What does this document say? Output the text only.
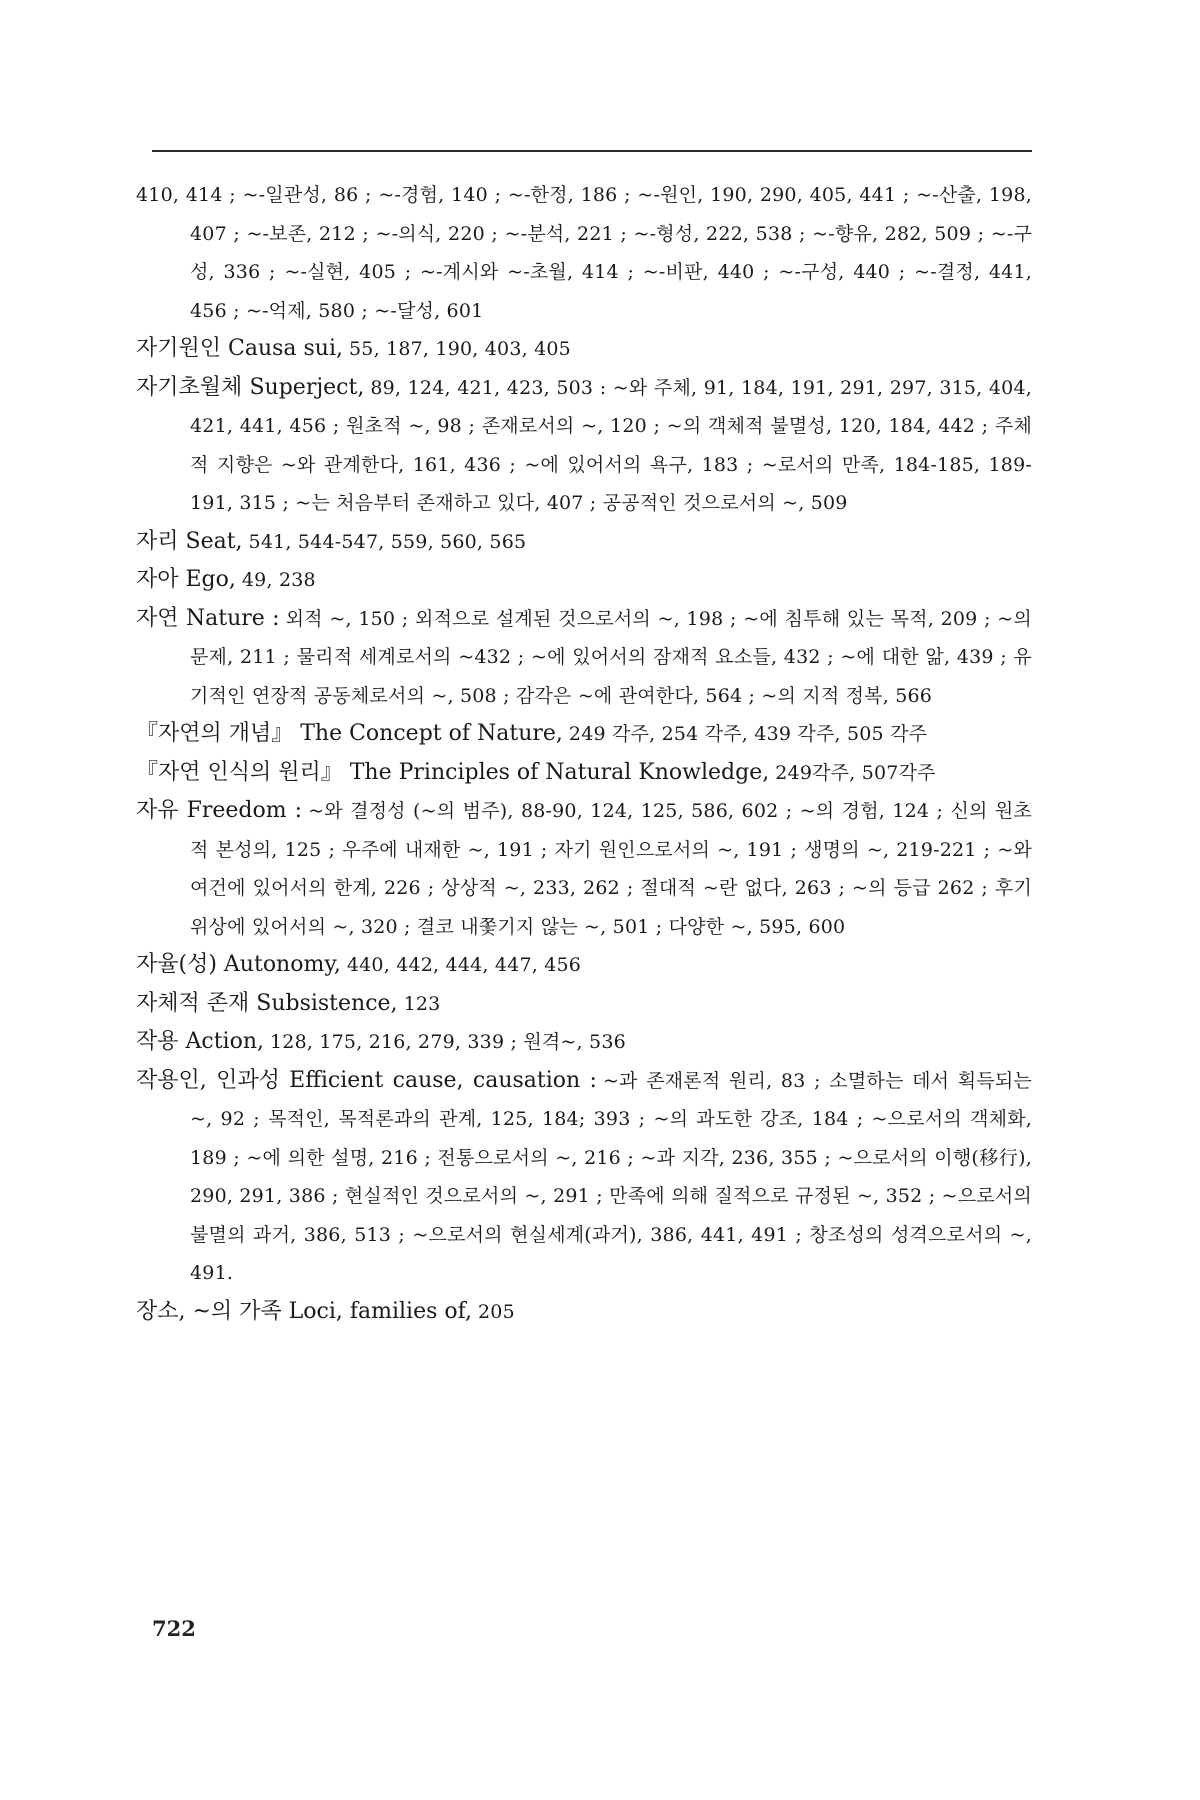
410, 414 ; ~-일관성, 86 ; ~-경험, 140 ; ~-한정, 186 ; ~-원인, 190, 290, 405, 441 ; ~-산출, 198, 407 ; ~-보존, 212 ; ~-의식, 220 ; ~-분석, 221 ; ~-형성, 222, 538 ; ~-향유, 282, 509 ; ~-구성, 336 ; ~-실현, 405 ; ~-계시와 ~-초월, 414 ; ~-비판, 440 ; ~-구성, 440 ; ~-결정, 441, 456 ; ~-억제, 580 ; ~-달성, 601

자기원인 Causa sui, 55, 187, 190, 403, 405

자기초월체 Superject, 89, 124, 421, 423, 503 : ~와 주체, 91, 184, 191, 291, 297, 315, 404, 421, 441, 456 ; 원초적 ~, 98 ; 존재로서의 ~, 120 ; ~의 객체적 불멸성, 120, 184, 442 ; 주체적 지향은 ~와 관계한다, 161, 436 ; ~에 있어서의 욕구, 183 ; ~로서의 만족, 184-185, 189-191, 315 ; ~는 처음부터 존재하고 있다, 407 ; 공공적인 것으로서의 ~, 509

자리 Seat, 541, 544-547, 559, 560, 565

자아 Ego, 49, 238

자연 Nature : 외적 ~, 150 ; 외적으로 설계된 것으로서의 ~, 198 ; ~에 침투해 있는 목적, 209 ; ~의 문제, 211 ; 물리적 세계로서의 ~432 ; ~에 있어서의 잠재적 요소들, 432 ; ~에 대한 앎, 439 ; 유기적인 연장적 공동체로서의 ~, 508 ; 감각은 ~에 관여한다, 564 ; ~의 지적 정복, 566

『자연의 개념』 The Concept of Nature, 249 각주, 254 각주, 439 각주, 505 각주

『자연 인식의 원리』 The Principles of Natural Knowledge, 249각주, 507각주

자유 Freedom : ~와 결정성 (~의 범주), 88-90, 124, 125, 586, 602 ; ~의 경험, 124 ; 신의 원초적 본성의, 125 ; 우주에 내재한 ~, 191 ; 자기 원인으로서의 ~, 191 ; 생명의 ~, 219-221 ; ~와 여건에 있어서의 한계, 226 ; 상상적 ~, 233, 262 ; 절대적 ~란 없다, 263 ; ~의 등급 262 ; 후기 위상에 있어서의 ~, 320 ; 결코 내쫓기지 않는 ~, 501 ; 다양한 ~, 595, 600

자율(성) Autonomy, 440, 442, 444, 447, 456

자체적 존재 Subsistence, 123

작용 Action, 128, 175, 216, 279, 339 ; 원격~, 536

작용인, 인과성 Efficient cause, causation : ~과 존재론적 원리, 83 ; 소멸하는 데서 획득되는 ~, 92 ; 목적인, 목적론과의 관계, 125, 184; 393 ; ~의 과도한 강조, 184 ; ~으로서의 객체화, 189 ; ~에 의한 설명, 216 ; 전통으로서의 ~, 216 ; ~과 지각, 236, 355 ; ~으로서의 이행(移行), 290, 291, 386 ; 현실적인 것으로서의 ~, 291 ; 만족에 의해 질적으로 규정된 ~, 352 ; ~으로서의 불멸의 과거, 386, 513 ; ~으로서의 현실세계(과거), 386, 441, 491 ; 창조성의 성격으로서의 ~, 491.

장소, ~의 가족 Loci, families of, 205

722
